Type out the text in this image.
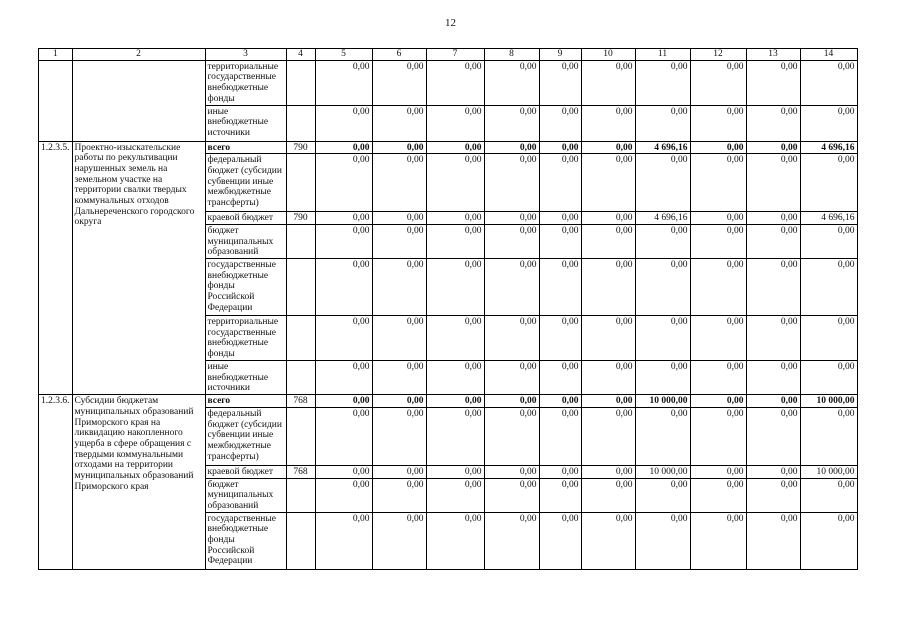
12
1	2	3	4	5	6	7	8	9	10	11	12	13	14
		территориальные государственные внебюджетные фонды		0,00	0,00	0,00	0,00	0,00	0,00	0,00	0,00	0,00	0,00
		иные внебюджетные источники		0,00	0,00	0,00	0,00	0,00	0,00	0,00	0,00	0,00	0,00
1.2.3.5.	Проектно-изыскательские работы по рекультивации нарушенных земель на земельном участке на территории свалки твердых коммунальных отходов Дальнереченского городского округа	всего	790	0,00	0,00	0,00	0,00	0,00	0,00	4 696,16	0,00	0,00	4 696,16
		федеральный бюджет (субсидии субвенции иные межбюджетные трансферты)		0,00	0,00	0,00	0,00	0,00	0,00	0,00	0,00	0,00	0,00
		краевой бюджет	790	0,00	0,00	0,00	0,00	0,00	0,00	4 696,16	0,00	0,00	4 696,16
		бюджет муниципальных образований		0,00	0,00	0,00	0,00	0,00	0,00	0,00	0,00	0,00	0,00
		государственные внебюджетные фонды Российской Федерации		0,00	0,00	0,00	0,00	0,00	0,00	0,00	0,00	0,00	0,00
		территориальные государственные внебюджетные фонды		0,00	0,00	0,00	0,00	0,00	0,00	0,00	0,00	0,00	0,00
		иные внебюджетные источники		0,00	0,00	0,00	0,00	0,00	0,00	0,00	0,00	0,00	0,00
1.2.3.6.	Субсидии бюджетам муниципальных образований Приморского края на ликвидацию накопленного ущерба в сфере обращения с твердыми коммунальными отходами на территории муниципальных образований Приморского края	всего	768	0,00	0,00	0,00	0,00	0,00	0,00	10 000,00	0,00	0,00	10 000,00
		федеральный бюджет (субсидии субвенции иные межбюджетные трансферты)		0,00	0,00	0,00	0,00	0,00	0,00	0,00	0,00	0,00	0,00
		краевой бюджет	768	0,00	0,00	0,00	0,00	0,00	0,00	10 000,00	0,00	0,00	10 000,00
		бюджет муниципальных образований		0,00	0,00	0,00	0,00	0,00	0,00	0,00	0,00	0,00	0,00
		государственные внебюджетные фонды Российской Федерации		0,00	0,00	0,00	0,00	0,00	0,00	0,00	0,00	0,00	0,00
